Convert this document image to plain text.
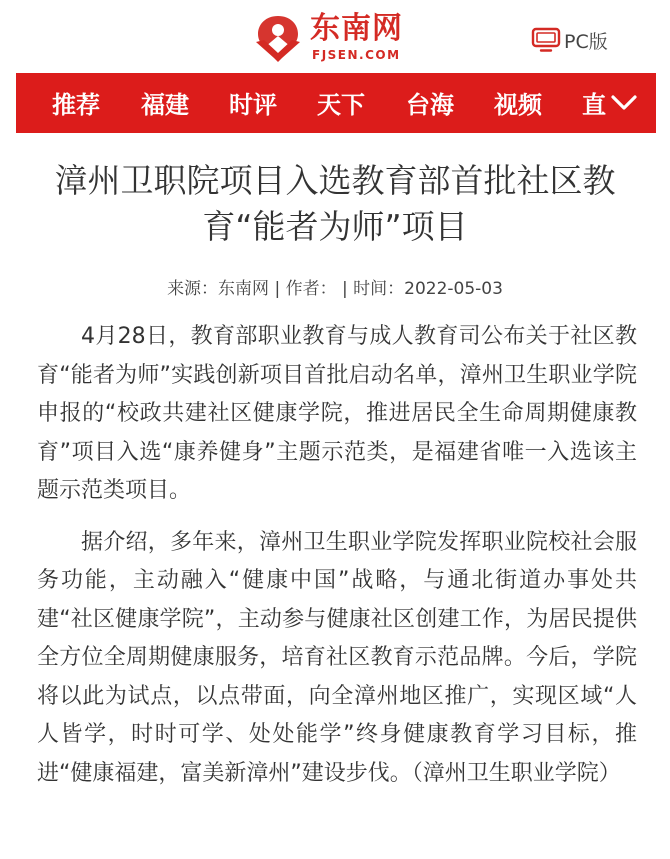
东南网
FJSEN.COM
PC版
推荐 福建 时评 天下 台海 视频 直
漳州卫职院项目入选教育部首批社区教育“能者为师”项目
来源：东南网 | 作者： | 时间：2022-05-03

4月28日，教育部职业教育与成人教育司公布关于社区教育“能者为师”实践创新项目首批启动名单，漳州卫生职业学院申报的“校政共建社区健康学院，推进居民全生命周期健康教育”项目入选“康养健身”主题示范类，是福建省唯一入选该主题示范类项目。

据介绍，多年来，漳州卫生职业学院发挥职业院校社会服务功能，主动融入“健康中国”战略，与通北街道办事处共建“社区健康学院”，主动参与健康社区创建工作，为居民提供全方位全周期健康服务，培育社区教育示范品牌。今后，学院将以此为试点，以点带面，向全漳州地区推广，实现区域“人人皆学，时时可学、处处能学”终身健康教育学习目标，推进“健康福建，富美新漳州”建设步伐。（漳州卫生职业学院）
